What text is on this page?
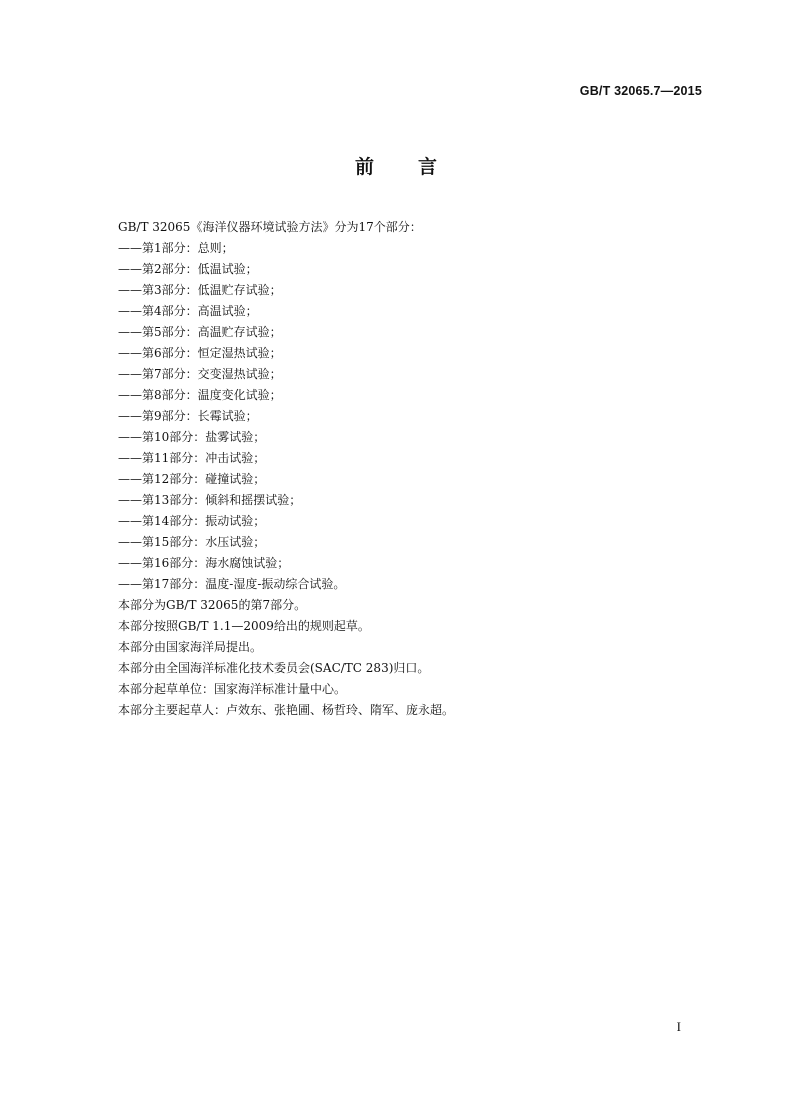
GB/T 32065.7—2015
前 言
GB/T 32065《海洋仪器环境试验方法》分为17个部分：
——第1部分：总则；
——第2部分：低温试验；
——第3部分：低温贮存试验；
——第4部分：高温试验；
——第5部分：高温贮存试验；
——第6部分：恒定湿热试验；
——第7部分：交变湿热试验；
——第8部分：温度变化试验；
——第9部分：长霉试验；
——第10部分：盐雾试验；
——第11部分：冲击试验；
——第12部分：碰撞试验；
——第13部分：倾斜和摇摆试验；
——第14部分：振动试验；
——第15部分：水压试验；
——第16部分：海水腐蚀试验；
——第17部分：温度-湿度-振动综合试验。
本部分为GB/T 32065的第7部分。
本部分按照GB/T 1.1—2009给出的规则起草。
本部分由国家海洋局提出。
本部分由全国海洋标准化技术委员会(SAC/TC 283)归口。
本部分起草单位：国家海洋标准计量中心。
本部分主要起草人：卢效东、张艳圃、杨哲玲、隋军、庞永超。
I
